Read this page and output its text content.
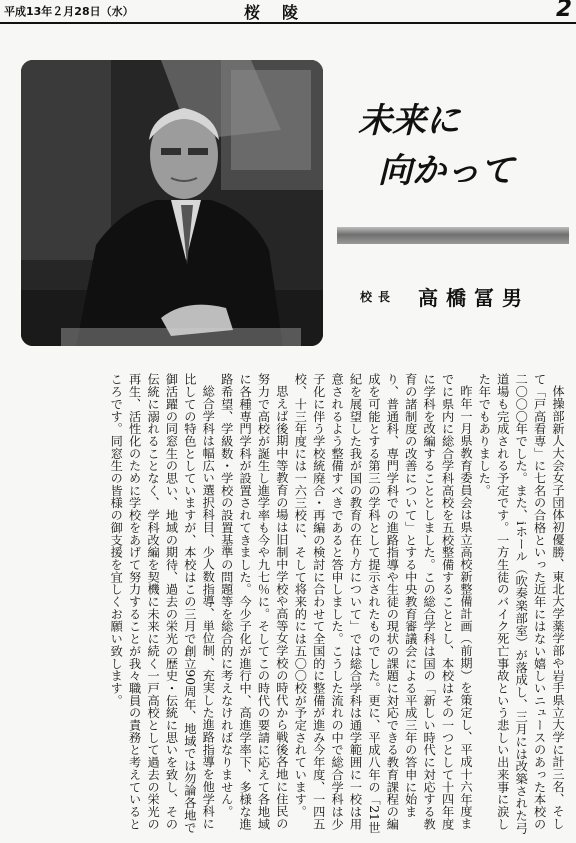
平成13年２月28日（水）	桜陵	2
未来に
向かって
校長 高橋冨男

体操部新人大会女子団体初優勝、東北大学薬学部や岩手県立大学に計三名、そして「戸高看専」に七名の合格といった近年にはない嬉しいニュースのあった本校の二〇〇〇年でした。また、iホール（吹奏楽部室）が落成し、三月には改築された弓道場も完成される予定です。一方生徒のバイク死亡事故という悲しい出来事に涙した年でもありました。

昨年一月県教育委員会は県立高校新整備計画（前期）を策定し、平成十六年度までに県内に総合学科高校を五校整備することとし、本校はその一つとして十四年度に学科を改編することとしました。この総合学科は国の「新しい時代に対応する教育の諸制度の改善について」とする中央教育審議会による平成三年の答申に始まり、普通科、専門学科での進路指導や生徒の現状の課題に対応できる教育課程の編成を可能とする第三の学科として提示されたものでした。更に、平成八年の「21世紀を展望した我が国の教育の在り方について」では総合学科は通学範囲に一校は用意されるよう整備すべきであると答申しました。こうした流れの中で総合学科は少子化に伴う学校統廃合・再編の検討に合わせて全国的に整備が進み今年度、一四五校、十三年度には一六三校に、そして将来的には五〇〇校が予定されています。

思えば後期中等教育の場は旧制中学校や高等女学校の時代から戦後各地に住民の努力で高校が誕生し進学率も今や九七％に。そしてこの時代の要請に応えて各地域に各種専門学科が設置されてきました。今少子化が進行中、高進学率下、多様な進路希望、学級数・学校の設置基準の問題等を総合的に考えなければなりません。

総合学科は幅広い選択科目、少人数指導、単位制、充実した進路指導を他学科に比しての特色としていますが、本校はこの三月で創立90周年、地域では勿論各地で御活躍の同窓生の思い、地域の期待、過去の栄光の歴史・伝統に思いを致し、その伝統に溺れることなく、学科改編を契機に未来に続く一戸高校として過去の栄光の再生、活性化のために学校をあげて努力することが我々職員の責務と考えているところです。同窓生の皆様の御支援を宜しくお願い致します。
